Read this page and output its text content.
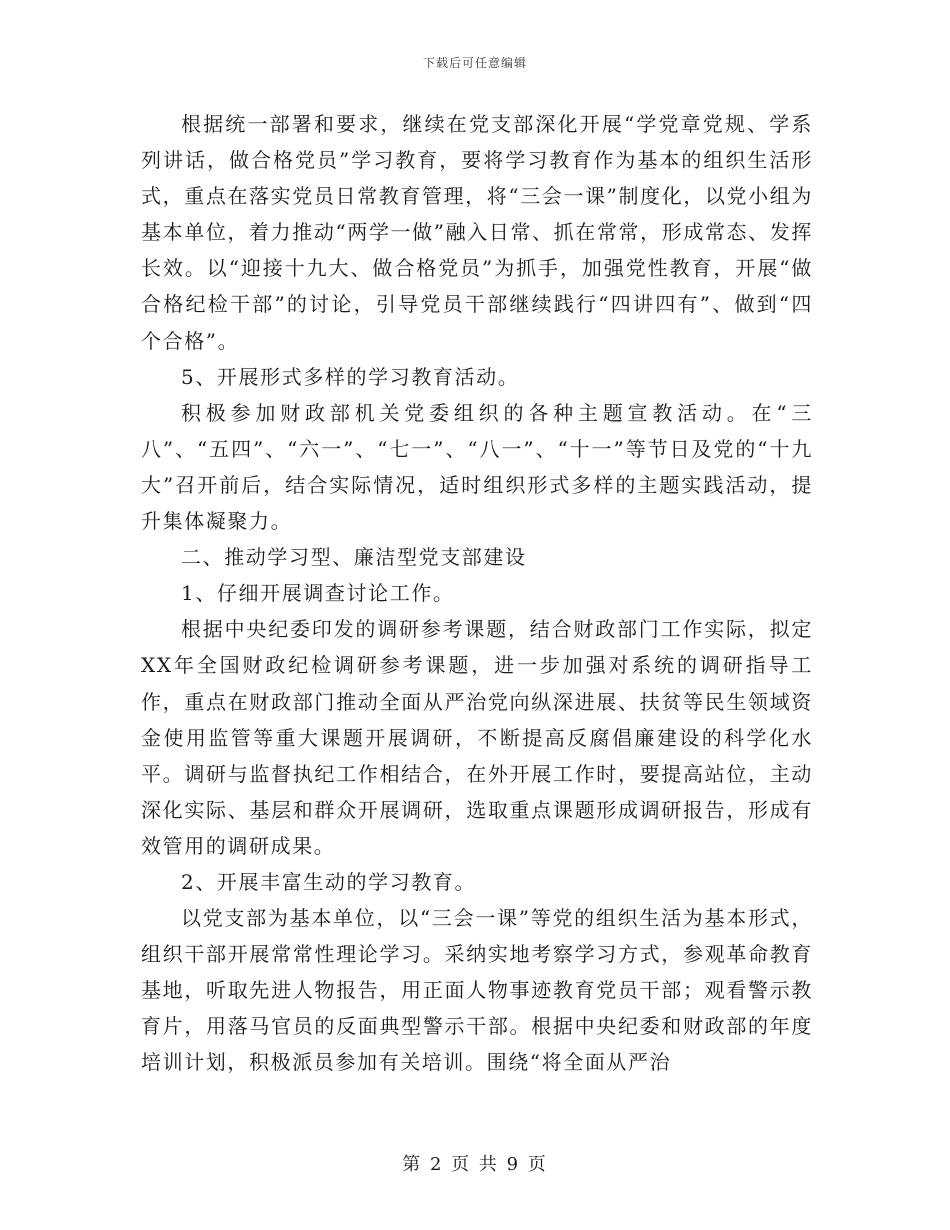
下载后可任意编辑

根据统一部署和要求，继续在党支部深化开展“学党章党规、学系列讲话，做合格党员”学习教育，要将学习教育作为基本的组织生活形式，重点在落实党员日常教育管理，将“三会一课”制度化，以党小组为基本单位，着力推动“两学一做”融入日常、抓在常常，形成常态、发挥长效。以“迎接十九大、做合格党员”为抓手，加强党性教育，开展“做合格纪检干部”的讨论，引导党员干部继续践行“四讲四有”、做到“四个合格”。

5、开展形式多样的学习教育活动。

积极参加财政部机关党委组织的各种主题宣教活动。在“三八”、“五四”、“六一”、“七一”、“八一”、“十一”等节日及党的“十九大”召开前后，结合实际情况，适时组织形式多样的主题实践活动，提升集体凝聚力。

二、推动学习型、廉洁型党支部建设

1、仔细开展调查讨论工作。

根据中央纪委印发的调研参考课题，结合财政部门工作实际，拟定XX年全国财政纪检调研参考课题，进一步加强对系统的调研指导工作，重点在财政部门推动全面从严治党向纵深进展、扶贫等民生领域资金使用监管等重大课题开展调研，不断提高反腐倡廉建设的科学化水平。调研与监督执纪工作相结合，在外开展工作时，要提高站位，主动深化实际、基层和群众开展调研，选取重点课题形成调研报告，形成有效管用的调研成果。

2、开展丰富生动的学习教育。

以党支部为基本单位，以“三会一课”等党的组织生活为基本形式，组织干部开展常常性理论学习。采纳实地考察学习方式，参观革命教育基地，听取先进人物报告，用正面人物事迹教育党员干部；观看警示教育片，用落马官员的反面典型警示干部。根据中央纪委和财政部的年度培训计划，积极派员参加有关培训。围绕“将全面从严治

第 2 页 共 9 页
